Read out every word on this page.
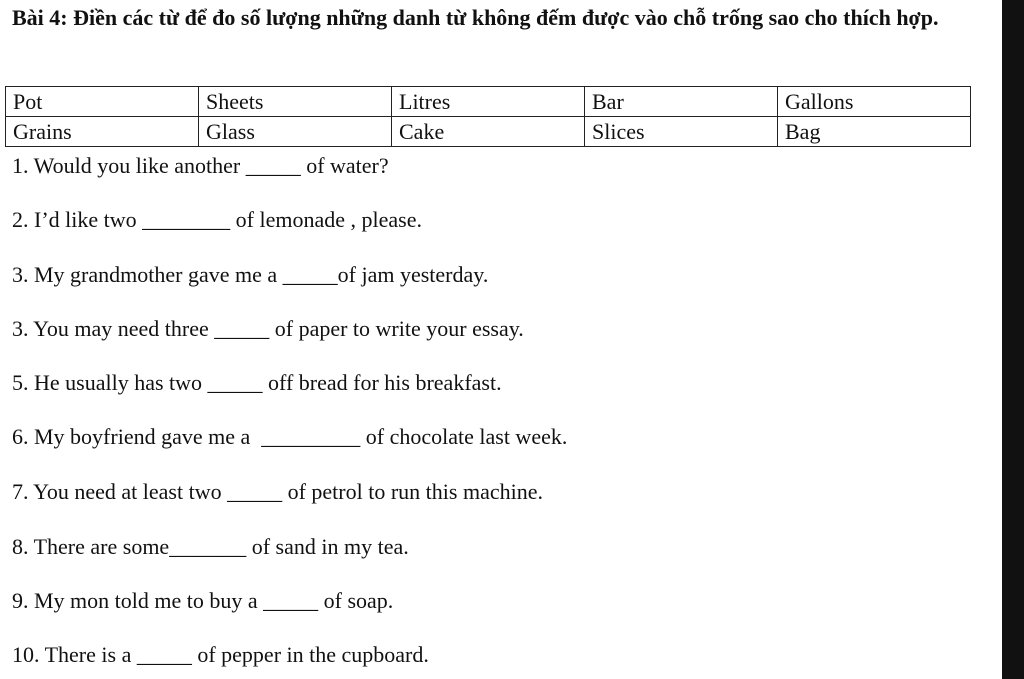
Bài 4: Điền các từ để đo số lượng những danh từ không đếm được vào chỗ trống sao cho thích hợp.
Pot	Sheets	Litres	Bar	Gallons
Grains	Glass	Cake	Slices	Bag
1. Would you like another _____ of water?
2. I’d like two ________ of lemonade , please.
3. My grandmother gave me a _____of jam yesterday.
3. You may need three _____ of paper to write your essay.
5. He usually has two _____ off bread for his breakfast.
6. My boyfriend gave me a  _________ of chocolate last week.
7. You need at least two _____ of petrol to run this machine.
8. There are some_______ of sand in my tea.
9. My mon told me to buy a _____ of soap.
10. There is a _____ of pepper in the cupboard.
